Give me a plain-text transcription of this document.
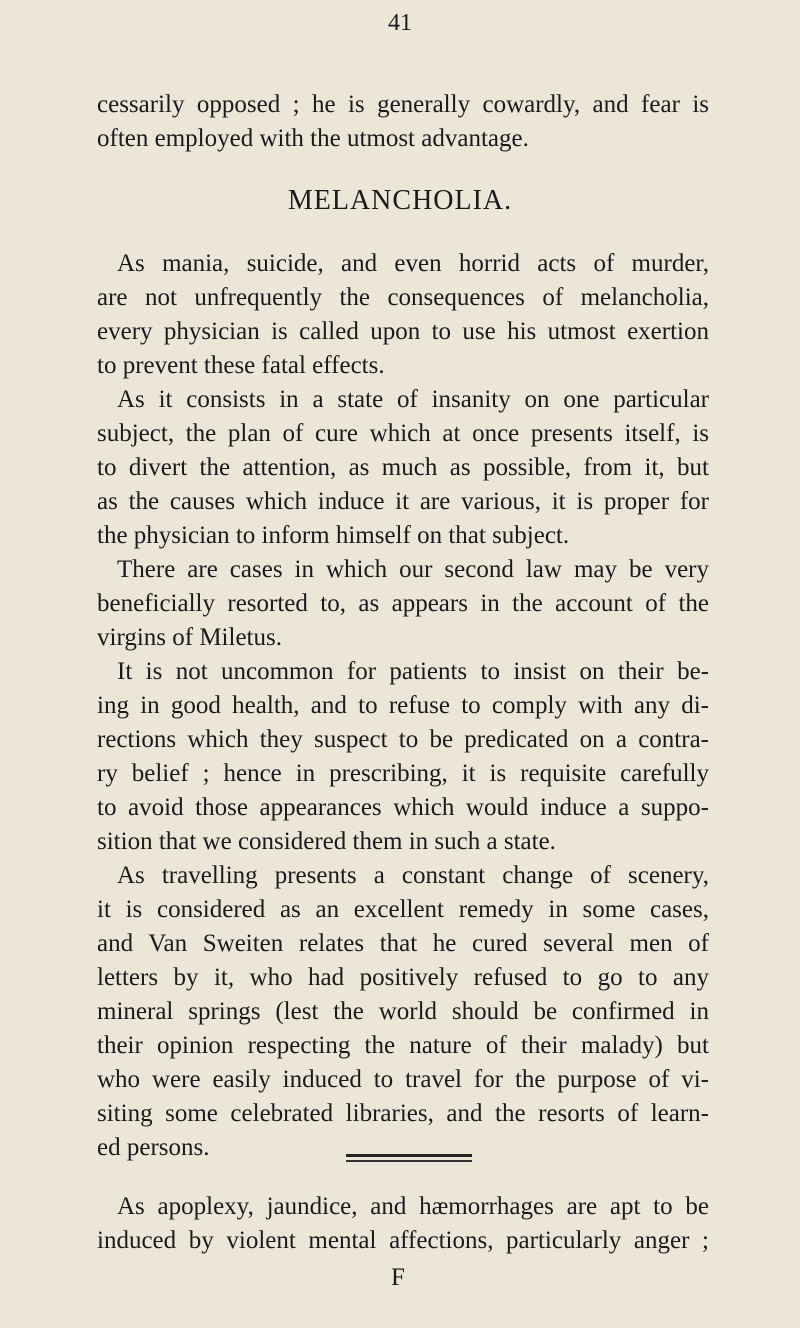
41
cessarily opposed ; he is generally cowardly, and fear is
often employed with the utmost advantage.
MELANCHOLIA.
As mania, suicide, and even horrid acts of murder,
are not unfrequently the consequences of melancholia,
every physician is called upon to use his utmost exertion
to prevent these fatal effects.
As it consists in a state of insanity on one particular
subject, the plan of cure which at once presents itself, is
to divert the attention, as much as possible, from it, but
as the causes which induce it are various, it is proper for
the physician to inform himself on that subject.
There are cases in which our second law may be very
beneficially resorted to, as appears in the account of the
virgins of Miletus.
It is not uncommon for patients to insist on their be-
ing in good health, and to refuse to comply with any di-
rections which they suspect to be predicated on a contra-
ry belief ; hence in prescribing, it is requisite carefully
to avoid those appearances which would induce a suppo-
sition that we considered them in such a state.
As travelling presents a constant change of scenery,
it is considered as an excellent remedy in some cases,
and Van Sweiten relates that he cured several men of
letters by it, who had positively refused to go to any
mineral springs (lest the world should be confirmed in
their opinion respecting the nature of their malady) but
who were easily induced to travel for the purpose of vi-
siting some celebrated libraries, and the resorts of learn-
ed persons.
As apoplexy, jaundice, and hæmorrhages are apt to be
induced by violent mental affections, particularly anger ;
F
